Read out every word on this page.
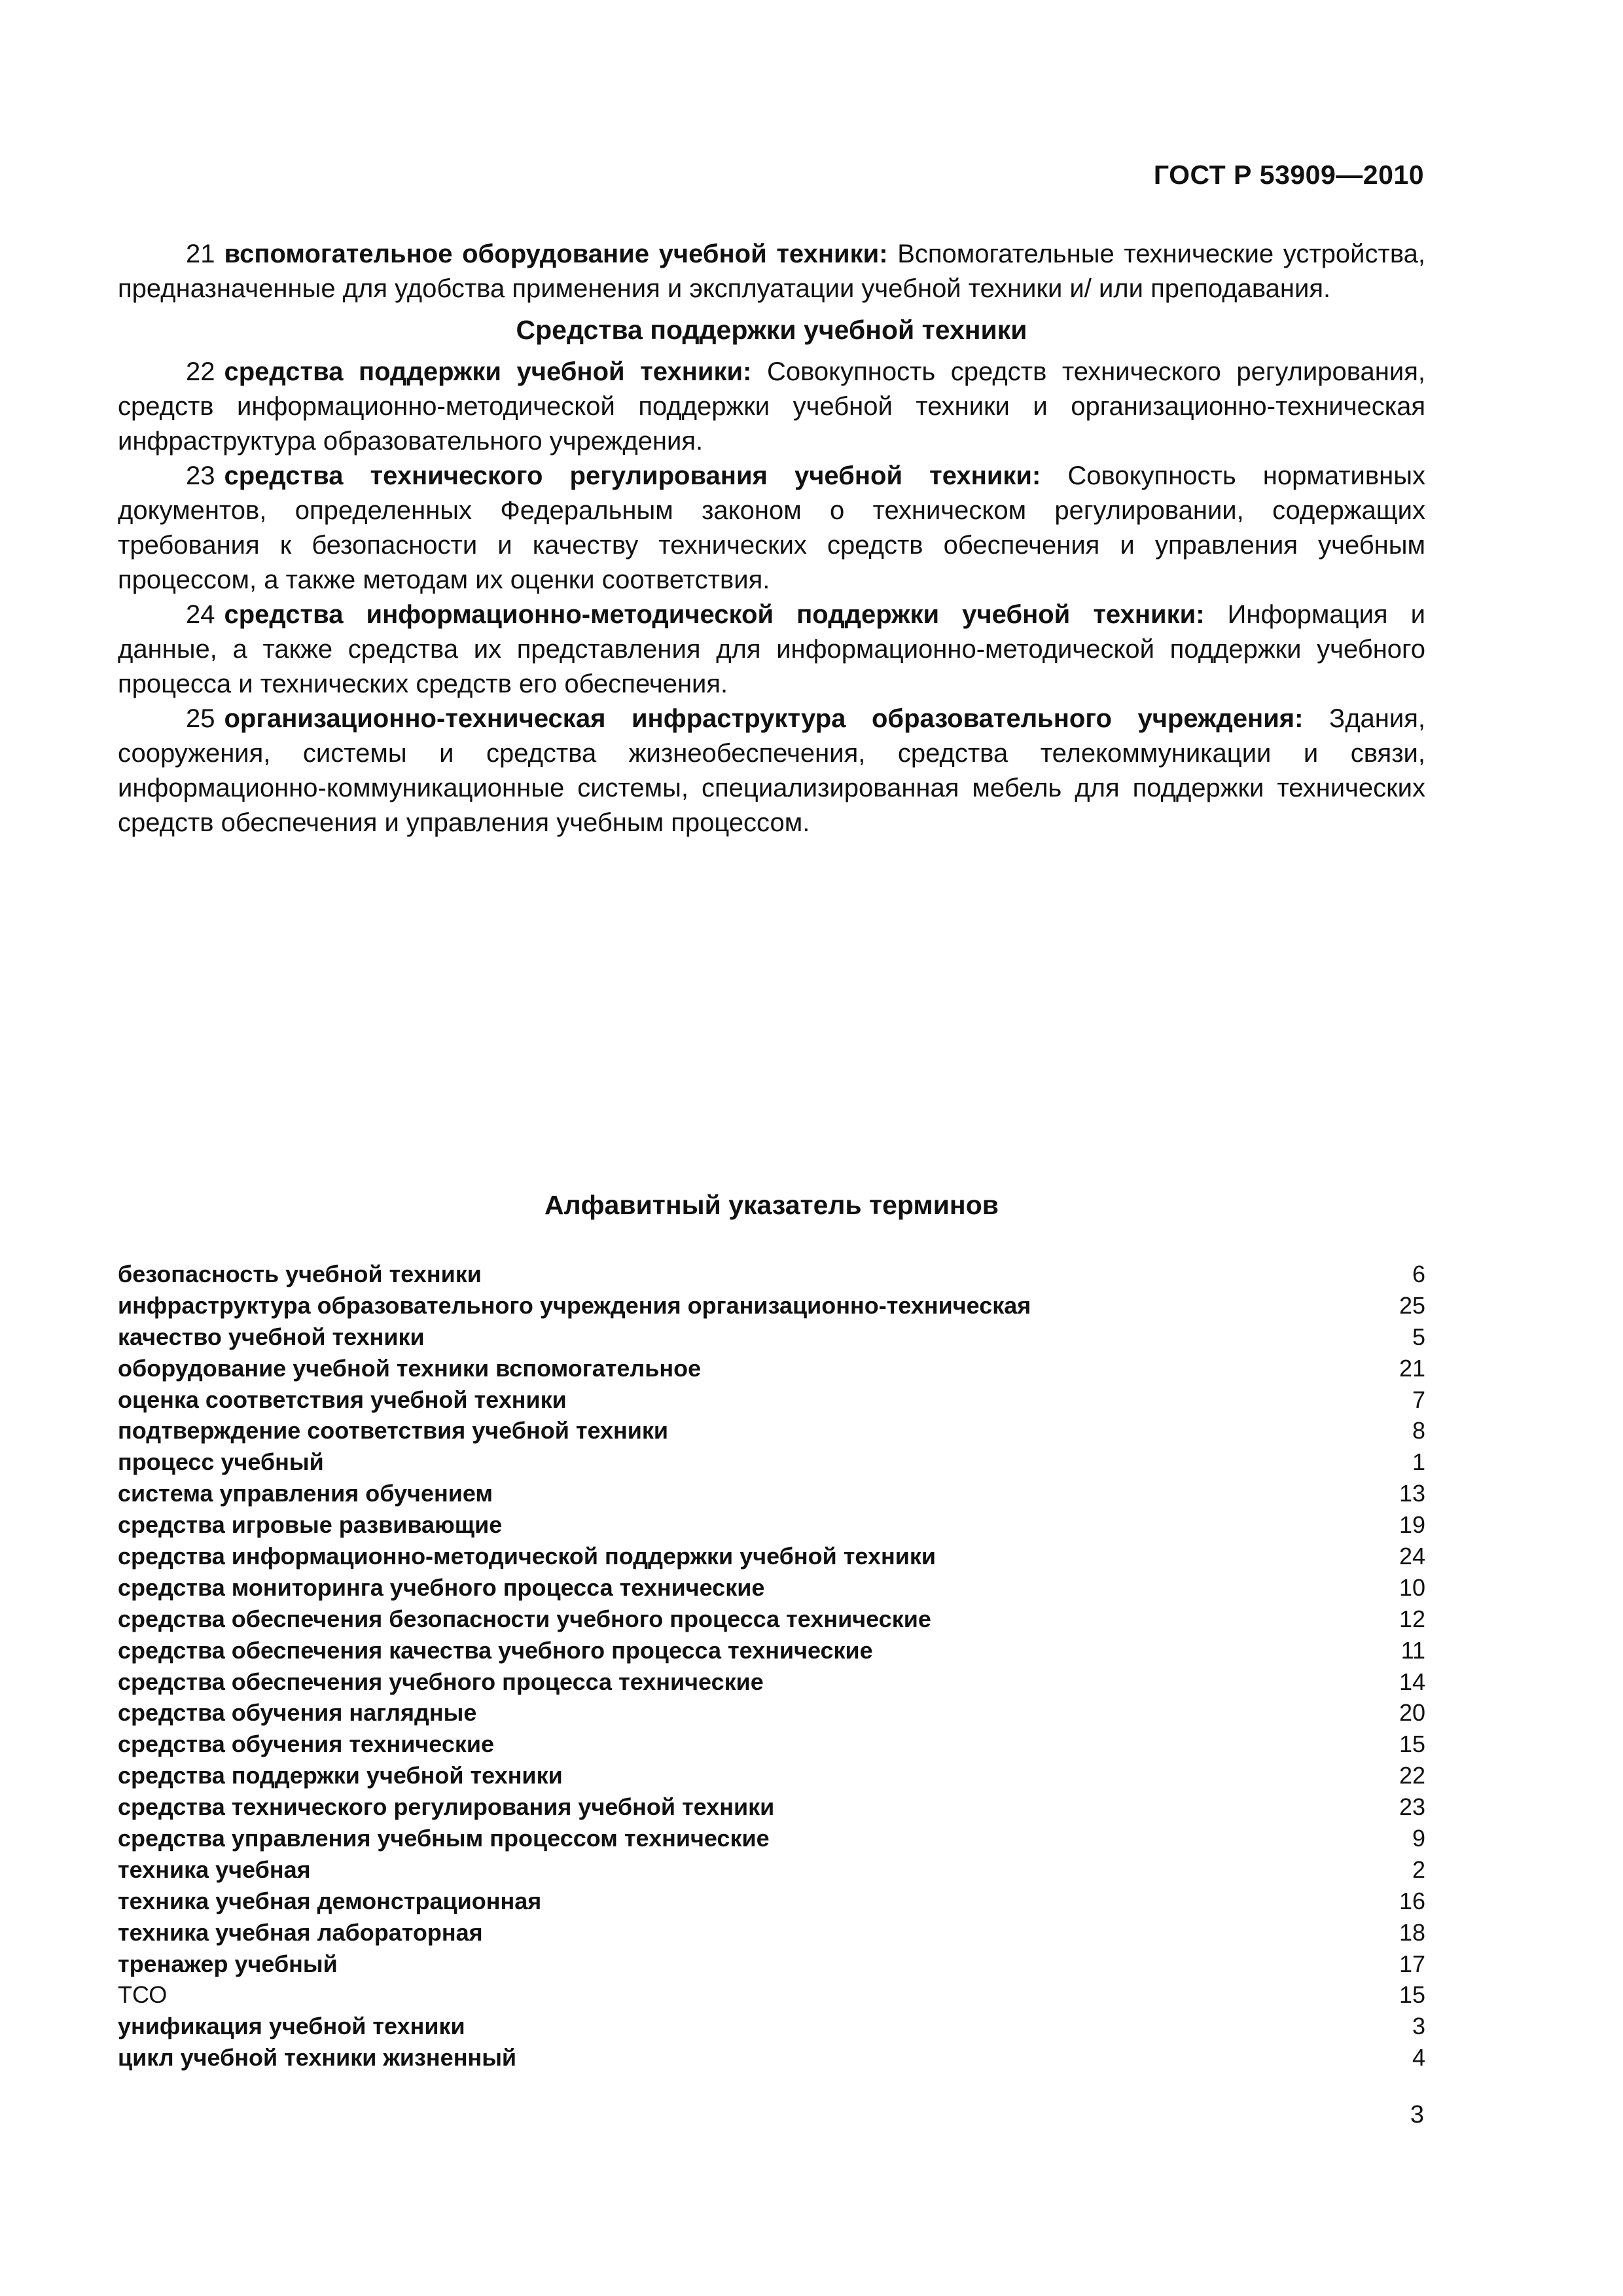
ГОСТ Р 53909—2010

21 вспомогательное оборудование учебной техники: Вспомогательные технические устройства, предназначенные для удобства применения и эксплуатации учебной техники и/ или преподавания.

Средства поддержки учебной техники

22 средства поддержки учебной техники: Совокупность средств технического регулирования, средств информационно-методической поддержки учебной техники и организационно-техническая инфраструктура образовательного учреждения.

23 средства технического регулирования учебной техники: Совокупность нормативных документов, определенных Федеральным законом о техническом регулировании, содержащих требования к безопасности и качеству технических средств обеспечения и управления учебным процессом, а также методам их оценки соответствия.

24 средства информационно-методической поддержки учебной техники: Информация и данные, а также средства их представления для информационно-методической поддержки учебного процесса и технических средств его обеспечения.

25 организационно-техническая инфраструктура образовательного учреждения: Здания, сооружения, системы и средства жизнеобеспечения, средства телекоммуникации и связи, информационно-коммуникационные системы, специализированная мебель для поддержки технических средств обеспечения и управления учебным процессом.

Алфавитный указатель терминов
безопасность учебной техники	6
инфраструктура образовательного учреждения организационно-техническая	25
качество учебной техники	5
оборудование учебной техники вспомогательное	21
оценка соответствия учебной техники	7
подтверждение соответствия учебной техники	8
процесс учебный	1
система управления обучением	13
средства игровые развивающие	19
средства информационно-методической поддержки учебной техники	24
средства мониторинга учебного процесса технические	10
средства обеспечения безопасности учебного процесса технические	12
средства обеспечения качества учебного процесса технические	11
средства обеспечения учебного процесса технические	14
средства обучения наглядные	20
средства обучения технические	15
средства поддержки учебной техники	22
средства технического регулирования учебной техники	23
средства управления учебным процессом технические	9
техника учебная	2
техника учебная демонстрационная	16
техника учебная лабораторная	18
тренажер учебный	17
ТСО	15
унификация учебной техники	3
цикл учебной техники жизненный	4
3
